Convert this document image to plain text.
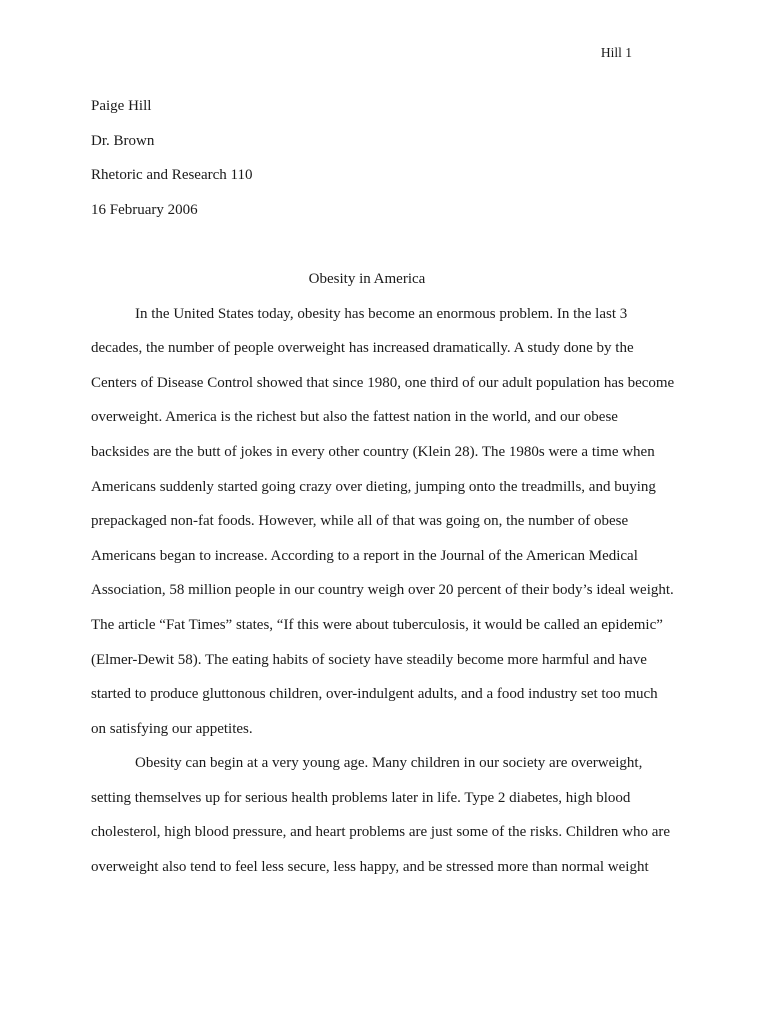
Hill 1

Paige Hill

Dr. Brown

Rhetoric and Research 110

16 February 2006

Obesity in America

In the United States today, obesity has become an enormous problem. In the last 3
decades, the number of people overweight has increased dramatically. A study done by the
Centers of Disease Control showed that since 1980, one third of our adult population has become
overweight. America is the richest but also the fattest nation in the world, and our obese
backsides are the butt of jokes in every other country (Klein 28). The 1980s were a time when
Americans suddenly started going crazy over dieting, jumping onto the treadmills, and buying
prepackaged non-fat foods. However, while all of that was going on, the number of obese
Americans began to increase. According to a report in the Journal of the American Medical
Association, 58 million people in our country weigh over 20 percent of their body’s ideal weight.
The article “Fat Times” states, “If this were about tuberculosis, it would be called an epidemic”
(Elmer-Dewit 58). The eating habits of society have steadily become more harmful and have
started to produce gluttonous children, over-indulgent adults, and a food industry set too much
on satisfying our appetites.
Obesity can begin at a very young age. Many children in our society are overweight,
setting themselves up for serious health problems later in life. Type 2 diabetes, high blood
cholesterol, high blood pressure, and heart problems are just some of the risks. Children who are
overweight also tend to feel less secure, less happy, and be stressed more than normal weight
